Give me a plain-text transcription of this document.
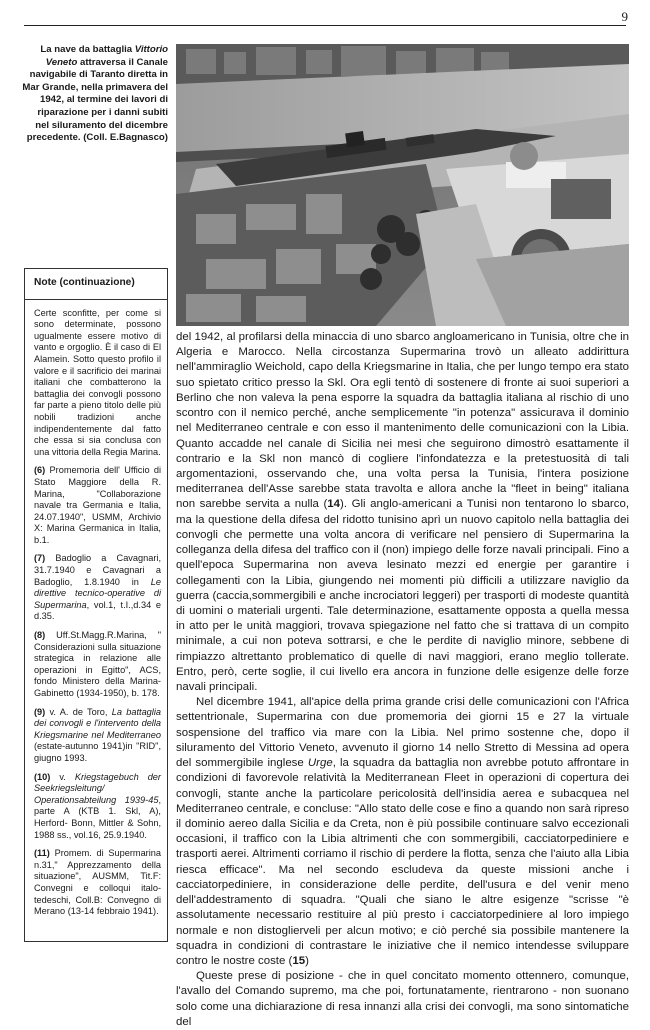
9
La nave da battaglia Vittorio Veneto attraversa il Canale navigabile di Taranto diretta in Mar Grande, nella primavera del 1942, al termine dei lavori di riparazione per i danni subiti nel siluramento del dicembre precedente. (Coll. E.Bagnasco)
Note (continuazione)
Certe sconfitte, per come si sono determinate, possono ugualmente essere motivo di vanto e orgoglio. È il caso di El Alamein. Sotto questo profilo il valore e il sacrificio dei marinai italiani che combatterono la battaglia dei convogli possono far parte a pieno titolo delle più nobili tradizioni anche indipendentemente dal fatto che essa si sia conclusa con una vittoria della Regia Marina.
(6) Promemoria dell' Ufficio di Stato Maggiore della R. Marina, "Collaborazione navale tra Germania e Italia, 24.07.1940", USMM, Archivio X: Marina Germanica in Italia, b.1.
(7) Badoglio a Cavagnari, 31.7.1940 e Cavagnari a Badoglio, 1.8.1940 in Le direttive tecnico-operative di Supermarina, vol.1, t.I.,d.34 e d.35.
(8) Uff.St.Magg.R.Marina, " Considerazioni sulla situazione strategica in relazione alle operazioni in Egitto", ACS, fondo Ministero della Marina-Gabinetto (1934-1950), b. 178.
(9) v. A. de Toro, La battaglia dei convogli e l'intervento della Kriegsmarine nel Mediterraneo (estate-autunno 1941)in "RID", giugno 1993.
(10) v. Kriegstagebuch der Seekriegsleitung/ Operationsabteilung 1939-45, parte A (KTB 1. Skl, A), Herford- Bonn, Mittler & Sohn, 1988 ss., vol.16, 25.9.1940.
(11) Promem. di Supermarina n.31," Apprezzamento della situazione", AUSMM, Tit.F: Convegni e colloqui italo-tedeschi, Coll.B: Convegno di Merano (13-14 febbraio 1941).

del 1942, al profilarsi della minaccia di uno sbarco angloamericano in Tunisia, oltre che in Algeria e Marocco. Nella circostanza Supermarina trovò un alleato addirittura nell'ammiraglio Weichold, capo della Kriegsmarine in Italia, che per lungo tempo era stato suo spietato critico presso la Skl. Ora egli tentò di sostenere di fronte ai suoi superiori a Berlino che non valeva la pena esporre la squadra da battaglia italiana al rischio di uno scontro con il nemico perché, anche semplicemente "in potenza" assicurava il dominio nel Mediterraneo centrale e con esso il mantenimento delle comunicazioni con la Libia. Quanto accadde nel canale di Sicilia nei mesi che seguirono dimostrò esattamente il contrario e la Skl non mancò di cogliere l'infondatezza e la pretestuosità di tali argomentazioni, osservando che, una volta persa la Tunisia, l'intera posizione mediterranea dell'Asse sarebbe stata travolta e allora anche la "fleet in being" italiana non sarebbe servita a nulla (14). Gli anglo-americani a Tunisi non tentarono lo sbarco, ma la questione della difesa del ridotto tunisino aprì un nuovo capitolo nella battaglia dei convogli che permette una volta ancora di verificare nel pensiero di Supermarina la colleganza della difesa del traffico con il (non) impiego delle forze navali principali. Fino a quell'epoca Supermarina non aveva lesinato mezzi ed energie per garantire i collegamenti con la Libia, giungendo nei momenti più difficili a utilizzare naviglio da guerra (caccia,sommergibili e anche incrociatori leggeri) per trasporti di modeste quantità di uomini o materiali urgenti. Tale determinazione, esattamente opposta a quella messa in atto per le unità maggiori, trovava spiegazione nel fatto che si trattava di un compito minimale, a cui non poteva sottrarsi, e che le perdite di naviglio minore, sebbene di rimpiazzo altrettanto problematico di quelle di navi maggiori, erano meglio tollerate. Entro, però, certe soglie, il cui livello era ancora in funzione delle esigenze delle forze navali principali.

Nel dicembre 1941, all'apice della prima grande crisi delle comunicazioni con l'Africa settentrionale, Supermarina con due promemoria dei giorni 15 e 27 la virtuale sospensione del traffico via mare con la Libia. Nel primo sostenne che, dopo il siluramento del Vittorio Veneto, avvenuto il giorno 14 nello Stretto di Messina ad opera del sommergibile inglese Urge, la squadra da battaglia non avrebbe potuto affrontare in condizioni di favorevole relatività la Mediterranean Fleet in operazioni di copertura dei convogli, stante anche la particolare pericolosità dell'insidia aerea e subacquea nel Mediterraneo centrale, e concluse: "Allo stato delle cose e fino a quando non sarà ripreso il dominio aereo dalla Sicilia e da Creta, non è più possibile continuare salvo eccezionali occasioni, il traffico con la Libia altrimenti che con sommergibili, cacciatorpediniere e trasporti aerei. Altrimenti corriamo il rischio di perdere la flotta, senza che l'aiuto alla Libia riesca efficace". Ma nel secondo escludeva da queste missioni anche i cacciatorpediniere, in considerazione delle perdite, dell'usura e del venir meno dell'addestramento di squadra. "Quali che siano le altre esigenze "scrisse "è assolutamente necessario restituire al più presto i cacciatorpediniere al loro impiego normale e non distoglierveli per alcun motivo; e ciò perché sia possibile mantenere la squadra in condizioni di contrastare le iniziative che il nemico intendesse sviluppare contro le nostre coste (15)

Queste prese di posizione - che in quel concitato momento ottennero, comunque, l'avallo del Comando supremo, ma che poi, fortunatamente, rientrarono - non suonano solo come una dichiarazione di resa innanzi alla crisi dei convogli, ma sono sintomatiche del
